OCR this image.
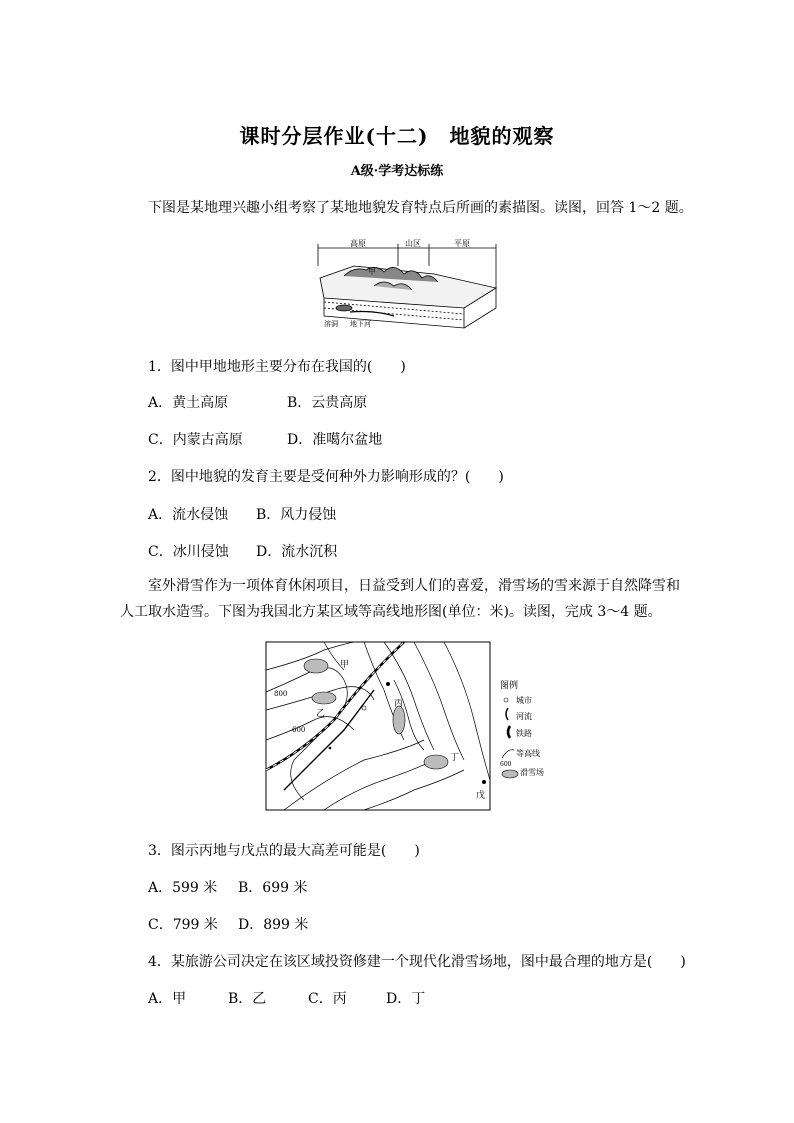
课时分层作业(十二)　地貌的观察
A级·学考达标练
下图是某地理兴趣小组考察了某地地貌发育特点后所画的素描图。读图，回答 1～2 题。
高原	山区	平原
甲
溶洞 地下河
1．图中甲地地形主要分布在我国的(　　)
A．黄土高原	B．云贵高原
C．内蒙古高原	D．准噶尔盆地
2．图中地貌的发育主要是受何种外力影响形成的？(　　)
A．流水侵蚀 B．风力侵蚀
C．冰川侵蚀 D．流水沉积
室外滑雪作为一项体育休闲项目，日益受到人们的喜爱，滑雪场的雪来源于自然降雪和
人工取水造雪。下图为我国北方某区域等高线地形图(单位：米)。读图，完成 3～4 题。
甲
乙
丙
丁
戊
800
600
图例
城市
河流
铁路
等高线
600
滑雪场
3．图示丙地与戊点的最大高差可能是(　　)
A．599 米 B．699 米
C．799 米 D．899 米
4．某旅游公司决定在该区域投资修建一个现代化滑雪场地，图中最合理的地方是(　　)
A．甲	B．乙	C．丙	D．丁
